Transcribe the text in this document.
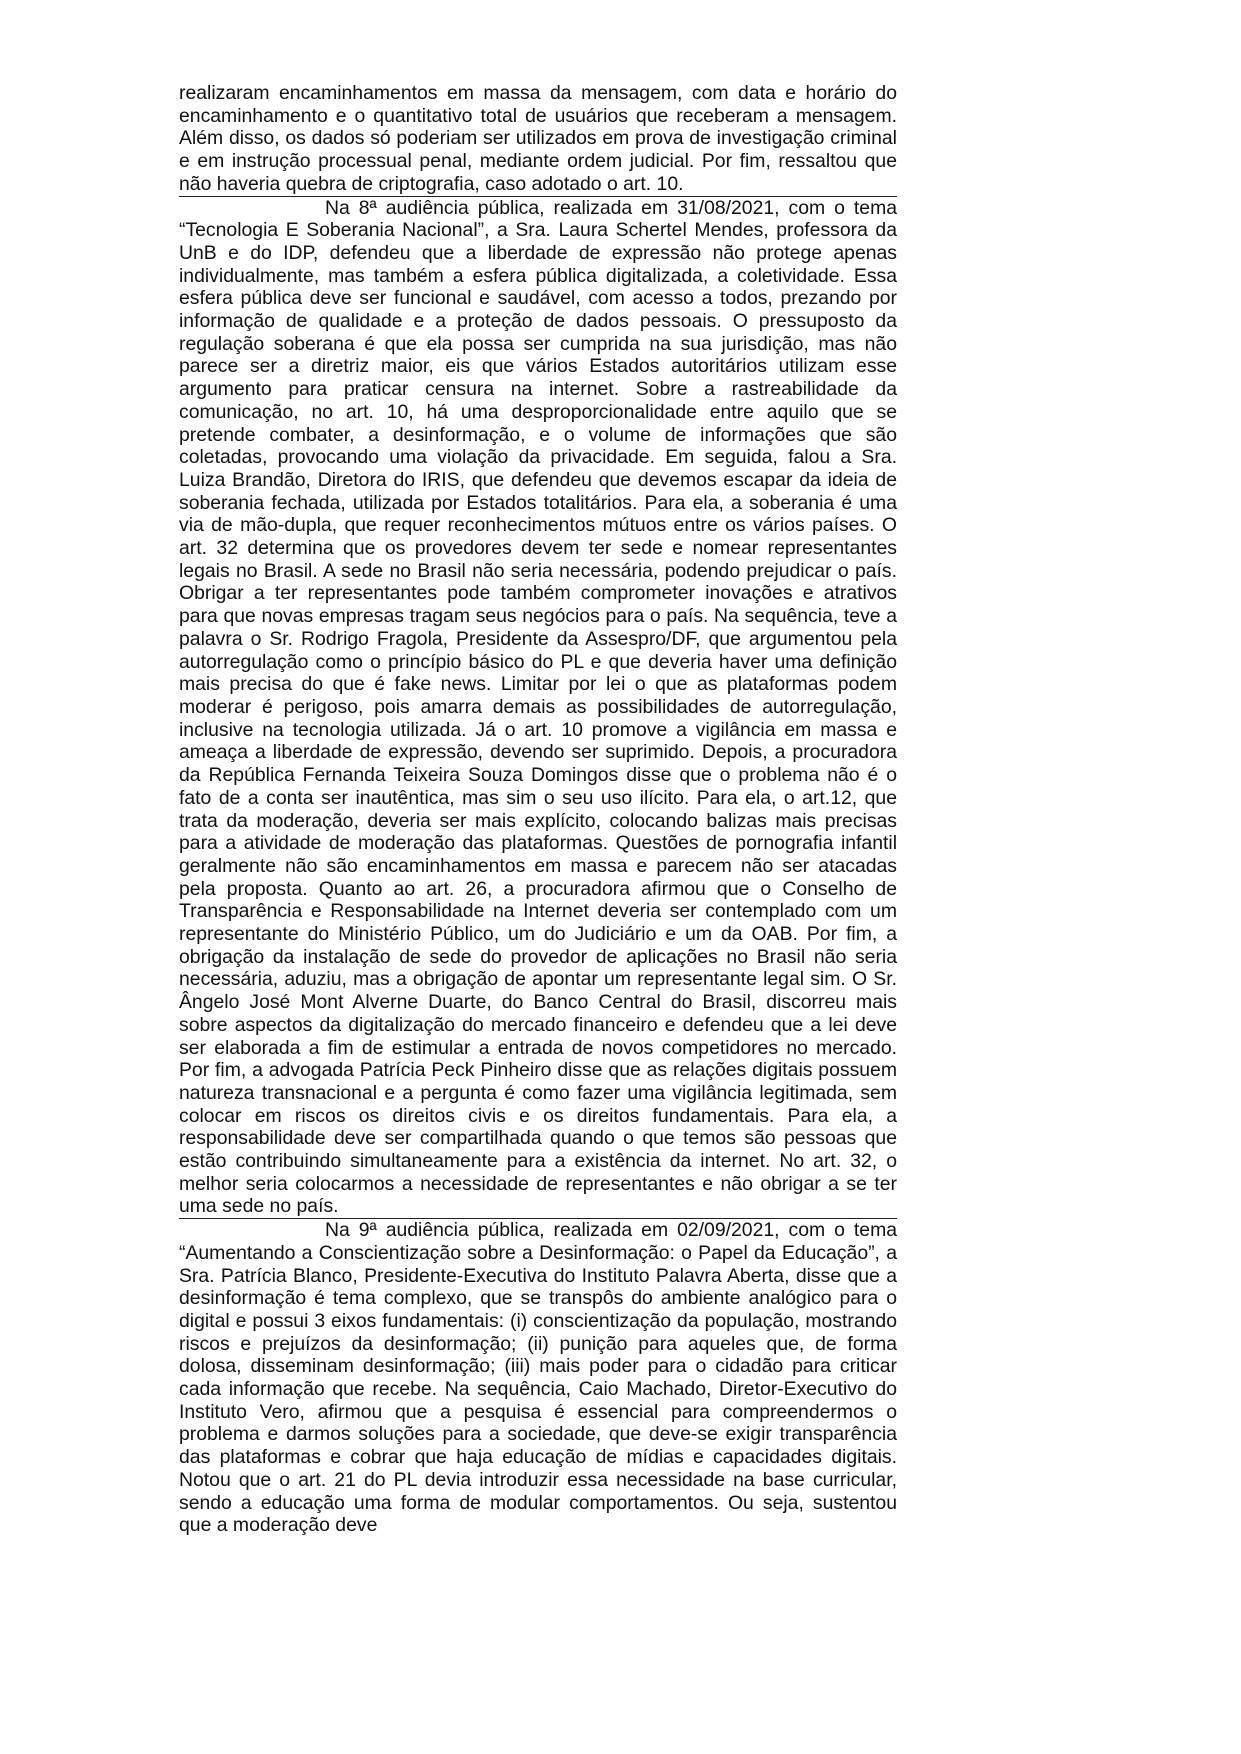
realizaram encaminhamentos em massa da mensagem, com data e horário do encaminhamento e o quantitativo total de usuários que receberam a mensagem. Além disso, os dados só poderiam ser utilizados em prova de investigação criminal e em instrução processual penal, mediante ordem judicial. Por fim, ressaltou que não haveria quebra de criptografia, caso adotado o art. 10.

Na 8ª audiência pública, realizada em 31/08/2021, com o tema “Tecnologia E Soberania Nacional”, a Sra. Laura Schertel Mendes, professora da UnB e do IDP, defendeu que a liberdade de expressão não protege apenas individualmente, mas também a esfera pública digitalizada, a coletividade. Essa esfera pública deve ser funcional e saudável, com acesso a todos, prezando por informação de qualidade e a proteção de dados pessoais. O pressuposto da regulação soberana é que ela possa ser cumprida na sua jurisdição, mas não parece ser a diretriz maior, eis que vários Estados autoritários utilizam esse argumento para praticar censura na internet. Sobre a rastreabilidade da comunicação, no art. 10, há uma desproporcionalidade entre aquilo que se pretende combater, a desinformação, e o volume de informações que são coletadas, provocando uma violação da privacidade. Em seguida, falou a Sra. Luiza Brandão, Diretora do IRIS, que defendeu que devemos escapar da ideia de soberania fechada, utilizada por Estados totalitários. Para ela, a soberania é uma via de mão-dupla, que requer reconhecimentos mútuos entre os vários países. O art. 32 determina que os provedores devem ter sede e nomear representantes legais no Brasil. A sede no Brasil não seria necessária, podendo prejudicar o país. Obrigar a ter representantes pode também comprometer inovações e atrativos para que novas empresas tragam seus negócios para o país. Na sequência, teve a palavra o Sr. Rodrigo Fragola, Presidente da Assespro/DF, que argumentou pela autorregulação como o princípio básico do PL e que deveria haver uma definição mais precisa do que é fake news. Limitar por lei o que as plataformas podem moderar é perigoso, pois amarra demais as possibilidades de autorregulação, inclusive na tecnologia utilizada. Já o art. 10 promove a vigilância em massa e ameaça a liberdade de expressão, devendo ser suprimido. Depois, a procuradora da República Fernanda Teixeira Souza Domingos disse que o problema não é o fato de a conta ser inautêntica, mas sim o seu uso ilícito. Para ela, o art.12, que trata da moderação, deveria ser mais explícito, colocando balizas mais precisas para a atividade de moderação das plataformas. Questões de pornografia infantil geralmente não são encaminhamentos em massa e parecem não ser atacadas pela proposta. Quanto ao art. 26, a procuradora afirmou que o Conselho de Transparência e Responsabilidade na Internet deveria ser contemplado com um representante do Ministério Público, um do Judiciário e um da OAB. Por fim, a obrigação da instalação de sede do provedor de aplicações no Brasil não seria necessária, aduziu, mas a obrigação de apontar um representante legal sim. O Sr. Ângelo José Mont Alverne Duarte, do Banco Central do Brasil, discorreu mais sobre aspectos da digitalização do mercado financeiro e defendeu que a lei deve ser elaborada a fim de estimular a entrada de novos competidores no mercado. Por fim, a advogada Patrícia Peck Pinheiro disse que as relações digitais possuem natureza transnacional e a pergunta é como fazer uma vigilância legitimada, sem colocar em riscos os direitos civis e os direitos fundamentais. Para ela, a responsabilidade deve ser compartilhada quando o que temos são pessoas que estão contribuindo simultaneamente para a existência da internet. No art. 32, o melhor seria colocarmos a necessidade de representantes e não obrigar a se ter uma sede no país.

Na 9ª audiência pública, realizada em 02/09/2021, com o tema “Aumentando a Conscientização sobre a Desinformação: o Papel da Educação”, a Sra. Patrícia Blanco, Presidente-Executiva do Instituto Palavra Aberta, disse que a desinformação é tema complexo, que se transpôs do ambiente analógico para o digital e possui 3 eixos fundamentais: (i) conscientização da população, mostrando riscos e prejuízos da desinformação; (ii) punição para aqueles que, de forma dolosa, disseminam desinformação; (iii) mais poder para o cidadão para criticar cada informação que recebe. Na sequência, Caio Machado, Diretor-Executivo do Instituto Vero, afirmou que a pesquisa é essencial para compreendermos o problema e darmos soluções para a sociedade, que deve-se exigir transparência das plataformas e cobrar que haja educação de mídias e capacidades digitais. Notou que o art. 21 do PL devia introduzir essa necessidade na base curricular, sendo a educação uma forma de modular comportamentos. Ou seja, sustentou que a moderação deve
